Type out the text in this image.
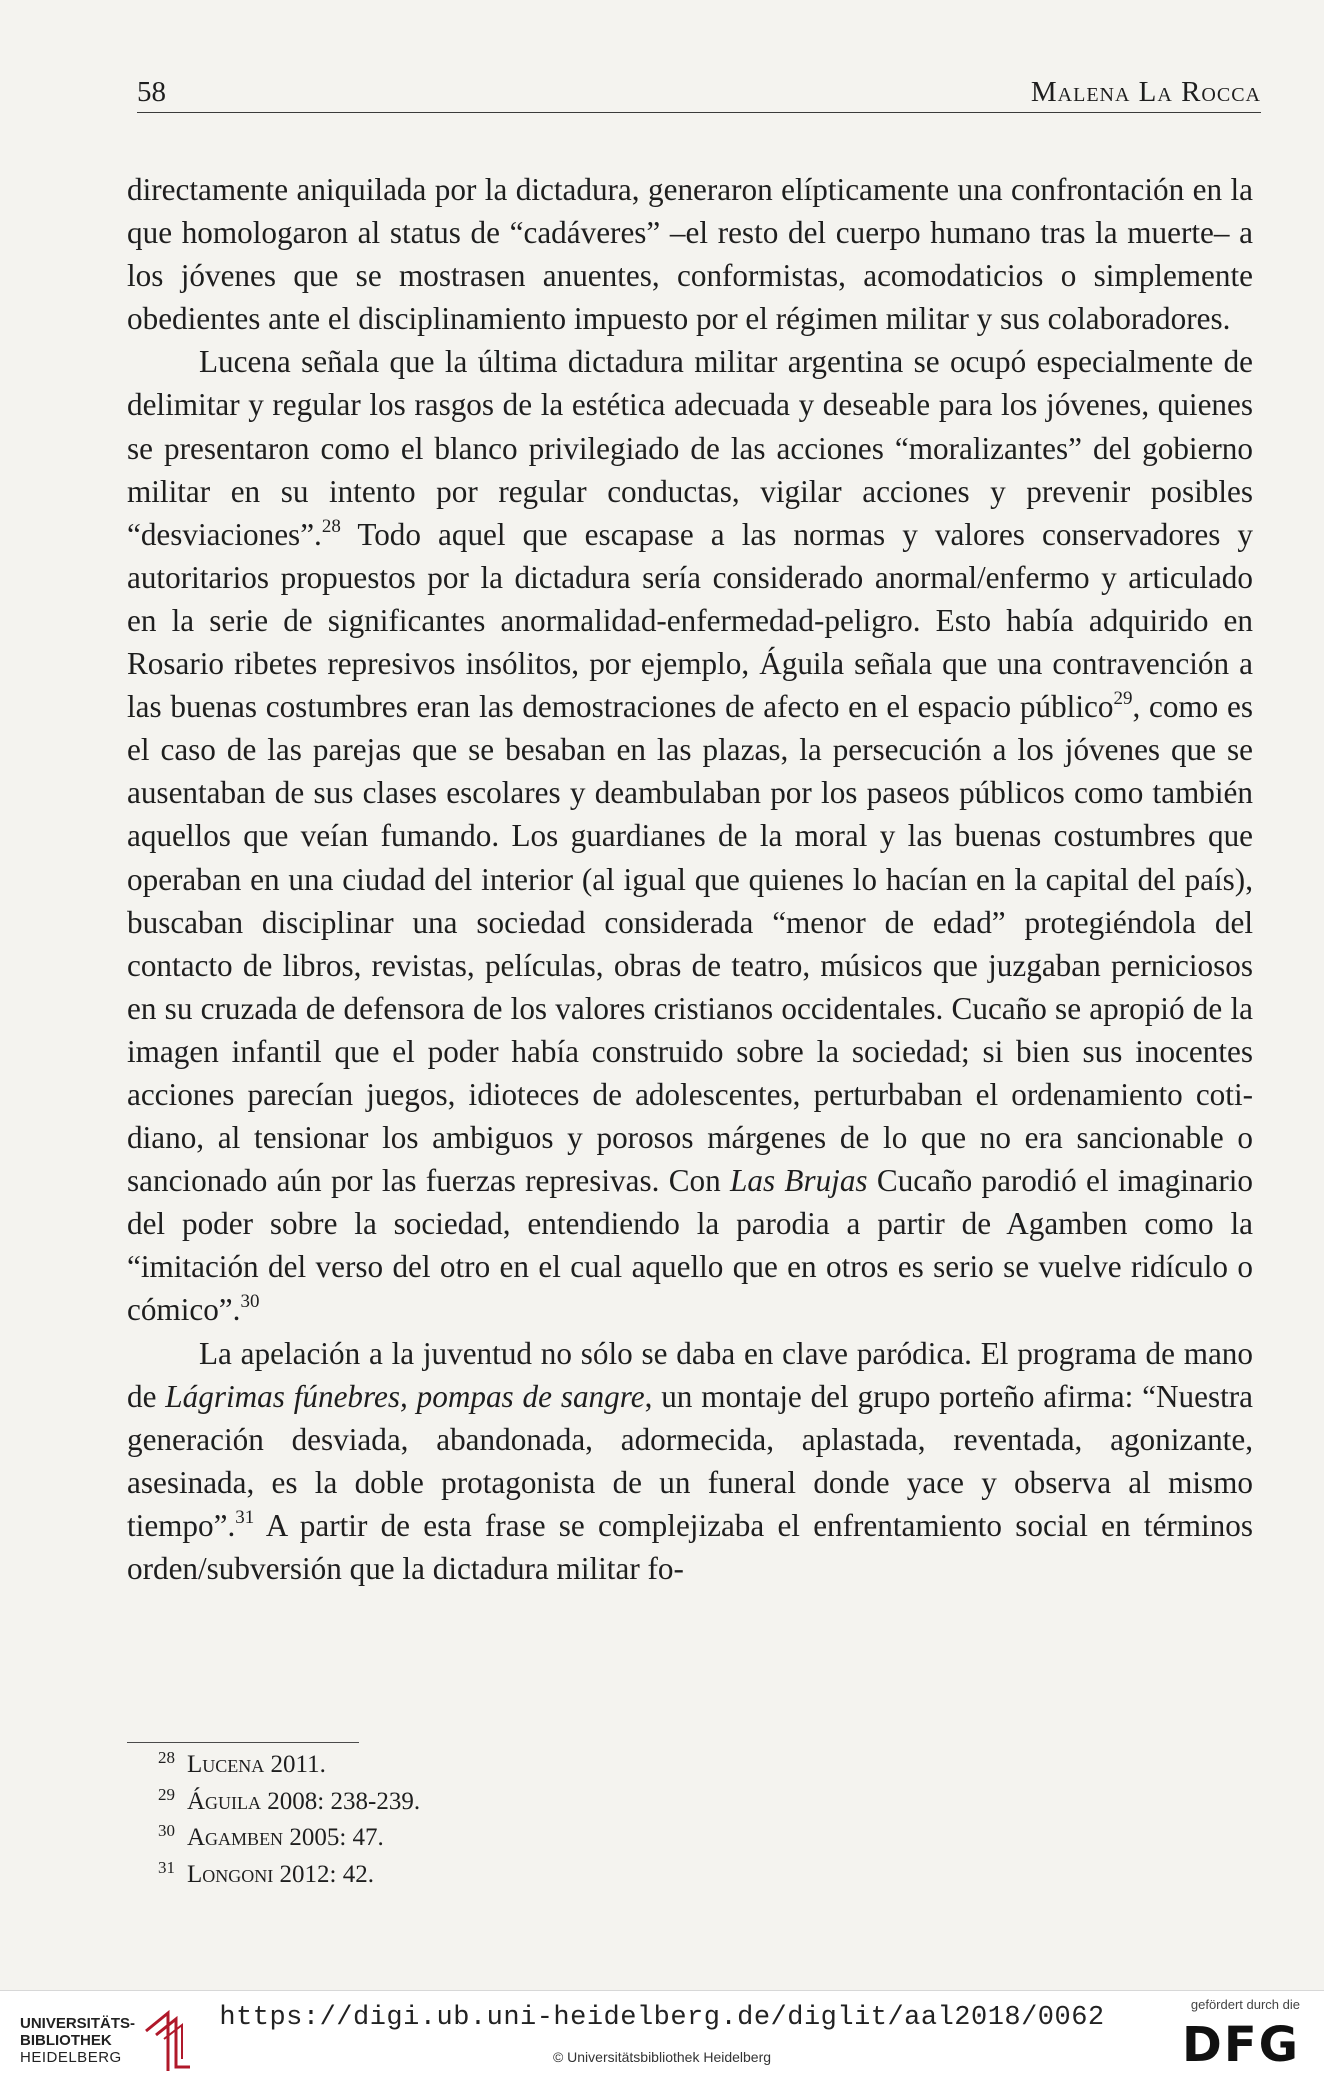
58	Malena La Rocca

directamente aniquilada por la dictadura, generaron elípticamente una confrontación en la que homologaron al status de “cadáveres” –el resto del cuerpo humano tras la muerte– a los jóvenes que se mostrasen anuentes, conformistas, acomodaticios o simplemente obedientes ante el disciplinamiento impuesto por el régimen militar y sus colaboradores.

Lucena señala que la última dictadura militar argentina se ocupó especialmente de delimitar y regular los rasgos de la estética adecuada y deseable para los jóvenes, quienes se presentaron como el blanco privilegiado de las acciones “moralizantes” del gobierno militar en su intento por regular conductas, vigilar acciones y prevenir posibles “desviaciones”.$^{28}$ Todo aquel que escapase a las normas y valores conservadores y autoritarios propuestos por la dictadura sería considerado anormal/enfermo y articulado en la serie de significantes anormalidad-enfermedad-peligro. Esto había adquirido en Rosario ribetes represivos insólitos, por ejemplo, Águila señala que una contravención a las buenas costumbres eran las demostraciones de afecto en el espacio público$^{29}$, como es el caso de las parejas que se besaban en las plazas, la persecución a los jóvenes que se ausentaban de sus clases escolares y deambulaban por los paseos públicos como también aquellos que veían fumando. Los guardianes de la moral y las buenas costumbres que operaban en una ciudad del interior (al igual que quienes lo hacían en la capital del país), buscaban disciplinar una sociedad considerada “menor de edad” protegiéndola del contacto de libros, revistas, películas, obras de teatro, músicos que juzgaban perniciosos en su cruzada de defensora de los valores cristianos occidentales. Cucaño se apropió de la imagen infantil que el poder había construido sobre la sociedad; si bien sus inocentes acciones parecían juegos, idioteces de adolescentes, perturbaban el ordenamiento cotidiano, al tensionar los ambiguos y porosos márgenes de lo que no era sancionable o sancionado aún por las fuerzas represivas. Con Las Brujas Cucaño parodió el imaginario del poder sobre la sociedad, entendiendo la parodia a partir de Agamben como la “imitación del verso del otro en el cual aquello que en otros es serio se vuelve ridículo o cómico”.$^{30}$

La apelación a la juventud no sólo se daba en clave paródica. El programa de mano de Lágrimas fúnebres, pompas de sangre, un montaje del grupo porteño afirma: “Nuestra generación desviada, abandonada, adormecida, aplastada, reventada, agonizante, asesinada, es la doble protagonista de un funeral donde yace y observa al mismo tiempo”.$^{31}$ A partir de esta frase se complejizaba el enfrentamiento social en términos orden/subversión que la dictadura militar fo-

$^{28}$ Lucena 2011.

$^{29}$ Águila 2008: 238-239.

$^{30}$ Agamben 2005: 47.

$^{31}$ Longoni 2012: 42.

UNIVERSITÄTS-
BIBLIOTHEK
HEIDELBERG
https://digi.ub.uni-heidelberg.de/diglit/aal2018/0062
© Universitätsbibliothek Heidelberg
gefördert durch die
DFG
